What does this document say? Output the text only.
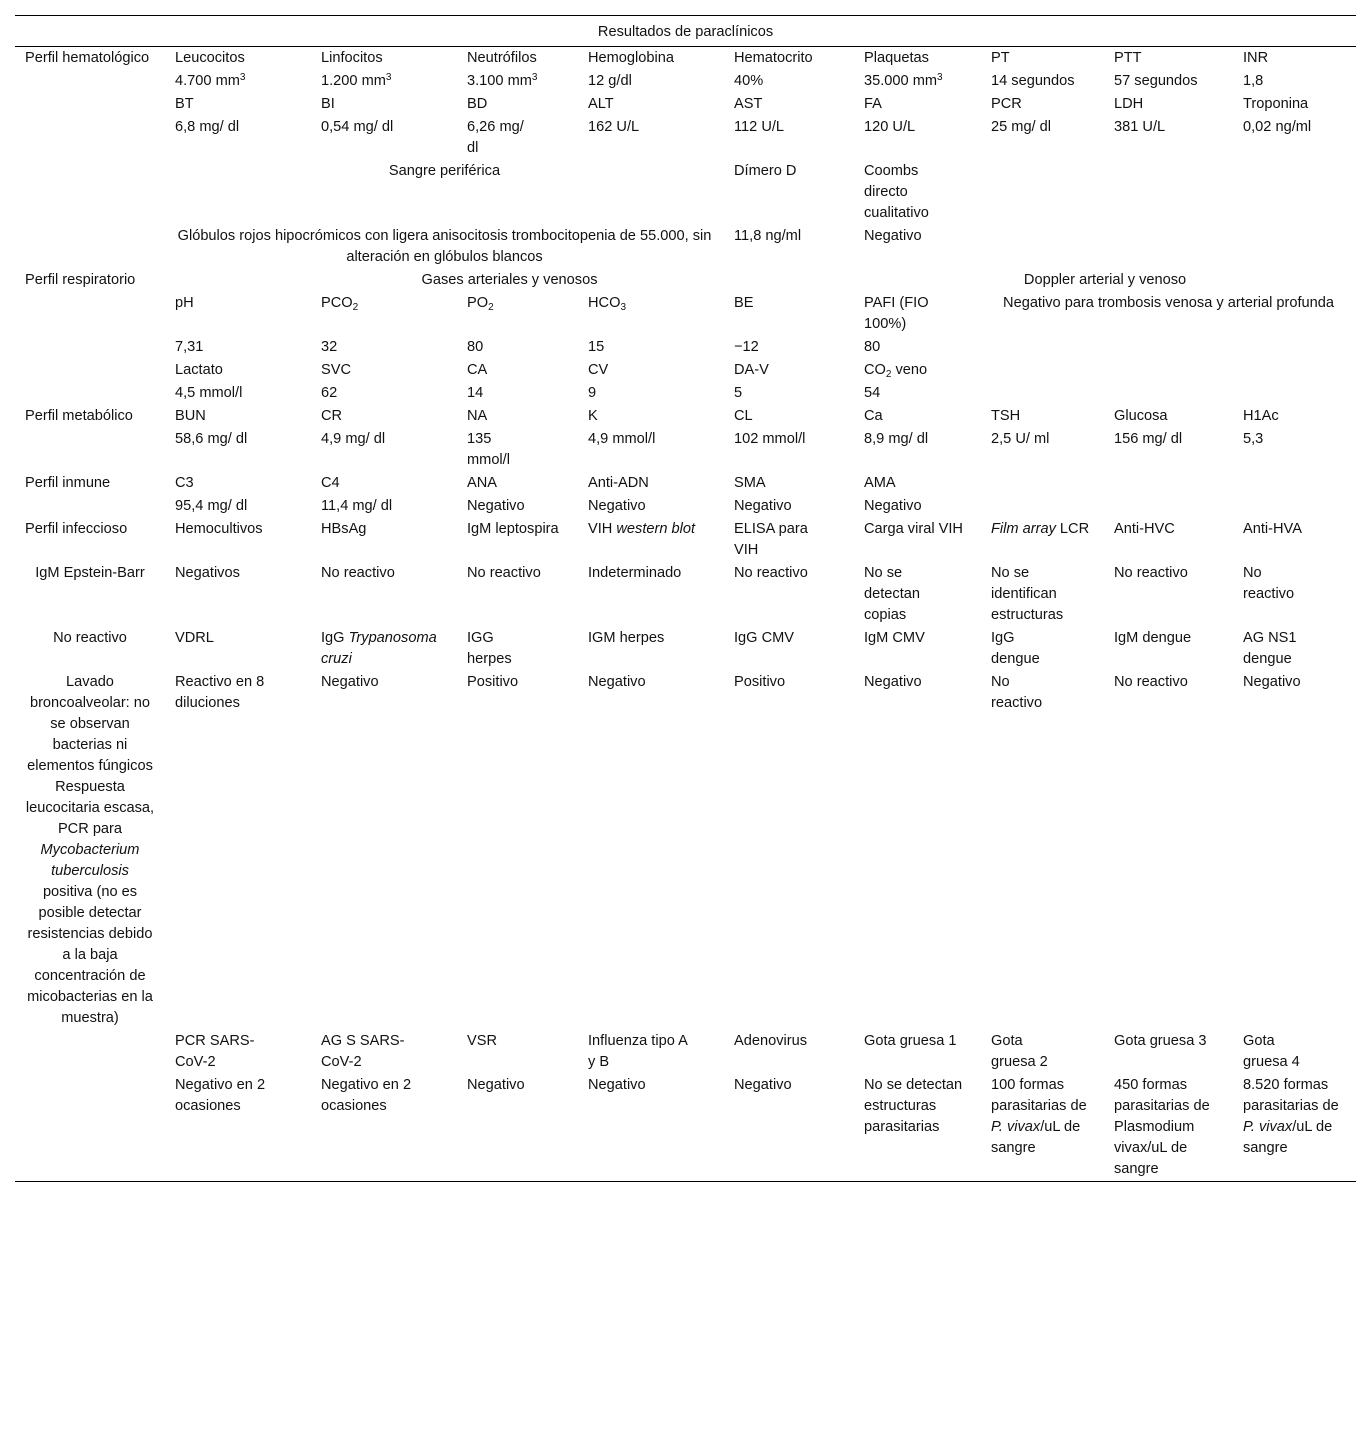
Resultados de paraclínicos									
Perfil hematológico	Leucocitos	Linfocitos	Neutrófilos	Hemoglobina	Hematocrito	Plaquetas	PT	PTT	INR
	4.700 $mm^3$	1.200 $mm^3$	3.100 $mm^3$	12 g/dl	40%	35.000 $mm^3$	14 segundos	57 segundos	1,8
	BT	BI	BD	ALT	AST	FA	PCR	LDH	Troponina
	6,8 mg/ dl	0,54 mg/ dl	6,26 mg/ dl	162 U/L	112 U/L	120 U/L	25 mg/ dl	381 U/L	0,02 ng/ml
	Sangre periférica				Dímero D	Coombs directo cualitativo			
	Glóbulos rojos hipocrómicos con ligera anisocitosis trombocitopenia de 55.000, sin alteración en glóbulos blancos				11,8 ng/ml	Negativo			
Perfil respiratorio	Gases arteriales y venosos					Doppler arterial y venoso			
	pH	$PCO_2$	$PO_2$	$HCO_3$	BE	PAFI (FIO 100%)	Negativo para trombosis venosa y arterial profunda		
	7,31	32	80	15	−12	80			
	Lactato	SVC	CA	CV	DA-V	$CO_2$ veno			
	4,5 mmol/l	62	14	9	5	54			
Perfil metabólico	BUN	CR	NA	K	CL	Ca	TSH	Glucosa	H1Ac
	58,6 mg/ dl	4,9 mg/ dl	135 mmol/l	4,9 mmol/l	102 mmol/l	8,9 mg/ dl	2,5 U/ ml	156 mg/ dl	5,3
Perfil inmune	C3	C4	ANA	Anti-ADN	SMA	AMA			
	95,4 mg/ dl	11,4 mg/ dl	Negativo	Negativo	Negativo	Negativo			
Perfil infeccioso	Hemocultivos	HBsAg	IgM leptospira	VIH western blot	ELISA para VIH	Carga viral VIH	Film array LCR	Anti-HVC	Anti-HVA
IgM Epstein-Barr	Negativos	No reactivo	No reactivo	Indeterminado	No reactivo	No se detectan copias	No se identifican estructuras	No reactivo	No reactivo
No reactivo	VDRL	IgG Trypanosoma cruzi	IGG herpes	IGM herpes	IgG CMV	IgM CMV	IgG dengue	IgM dengue	AG NS1 dengue
Lavado broncoalveolar: no se observan bacterias ni elementos fúngicos Respuesta leucocitaria escasa, PCR para Mycobacterium tuberculosis positiva (no es posible detectar resistencias debido a la baja concentración de micobacterias en la muestra)	Reactivo en 8 diluciones	Negativo	Positivo	Negativo	Positivo	Negativo	No reactivo	No reactivo	Negativo
	PCR SARS-CoV-2	AG S SARS-CoV-2	VSR	Influenza tipo A y B	Adenovirus	Gota gruesa 1	Gota gruesa 2	Gota gruesa 3	Gota gruesa 4
	Negativo en 2 ocasiones	Negativo en 2 ocasiones	Negativo	Negativo	Negativo	No se detectan estructuras parasitarias	100 formas parasitarias de P. vivax/uL de sangre	450 formas parasitarias de Plasmodium vivax/uL de sangre	8.520 formas parasitarias de P. vivax/uL de sangre
